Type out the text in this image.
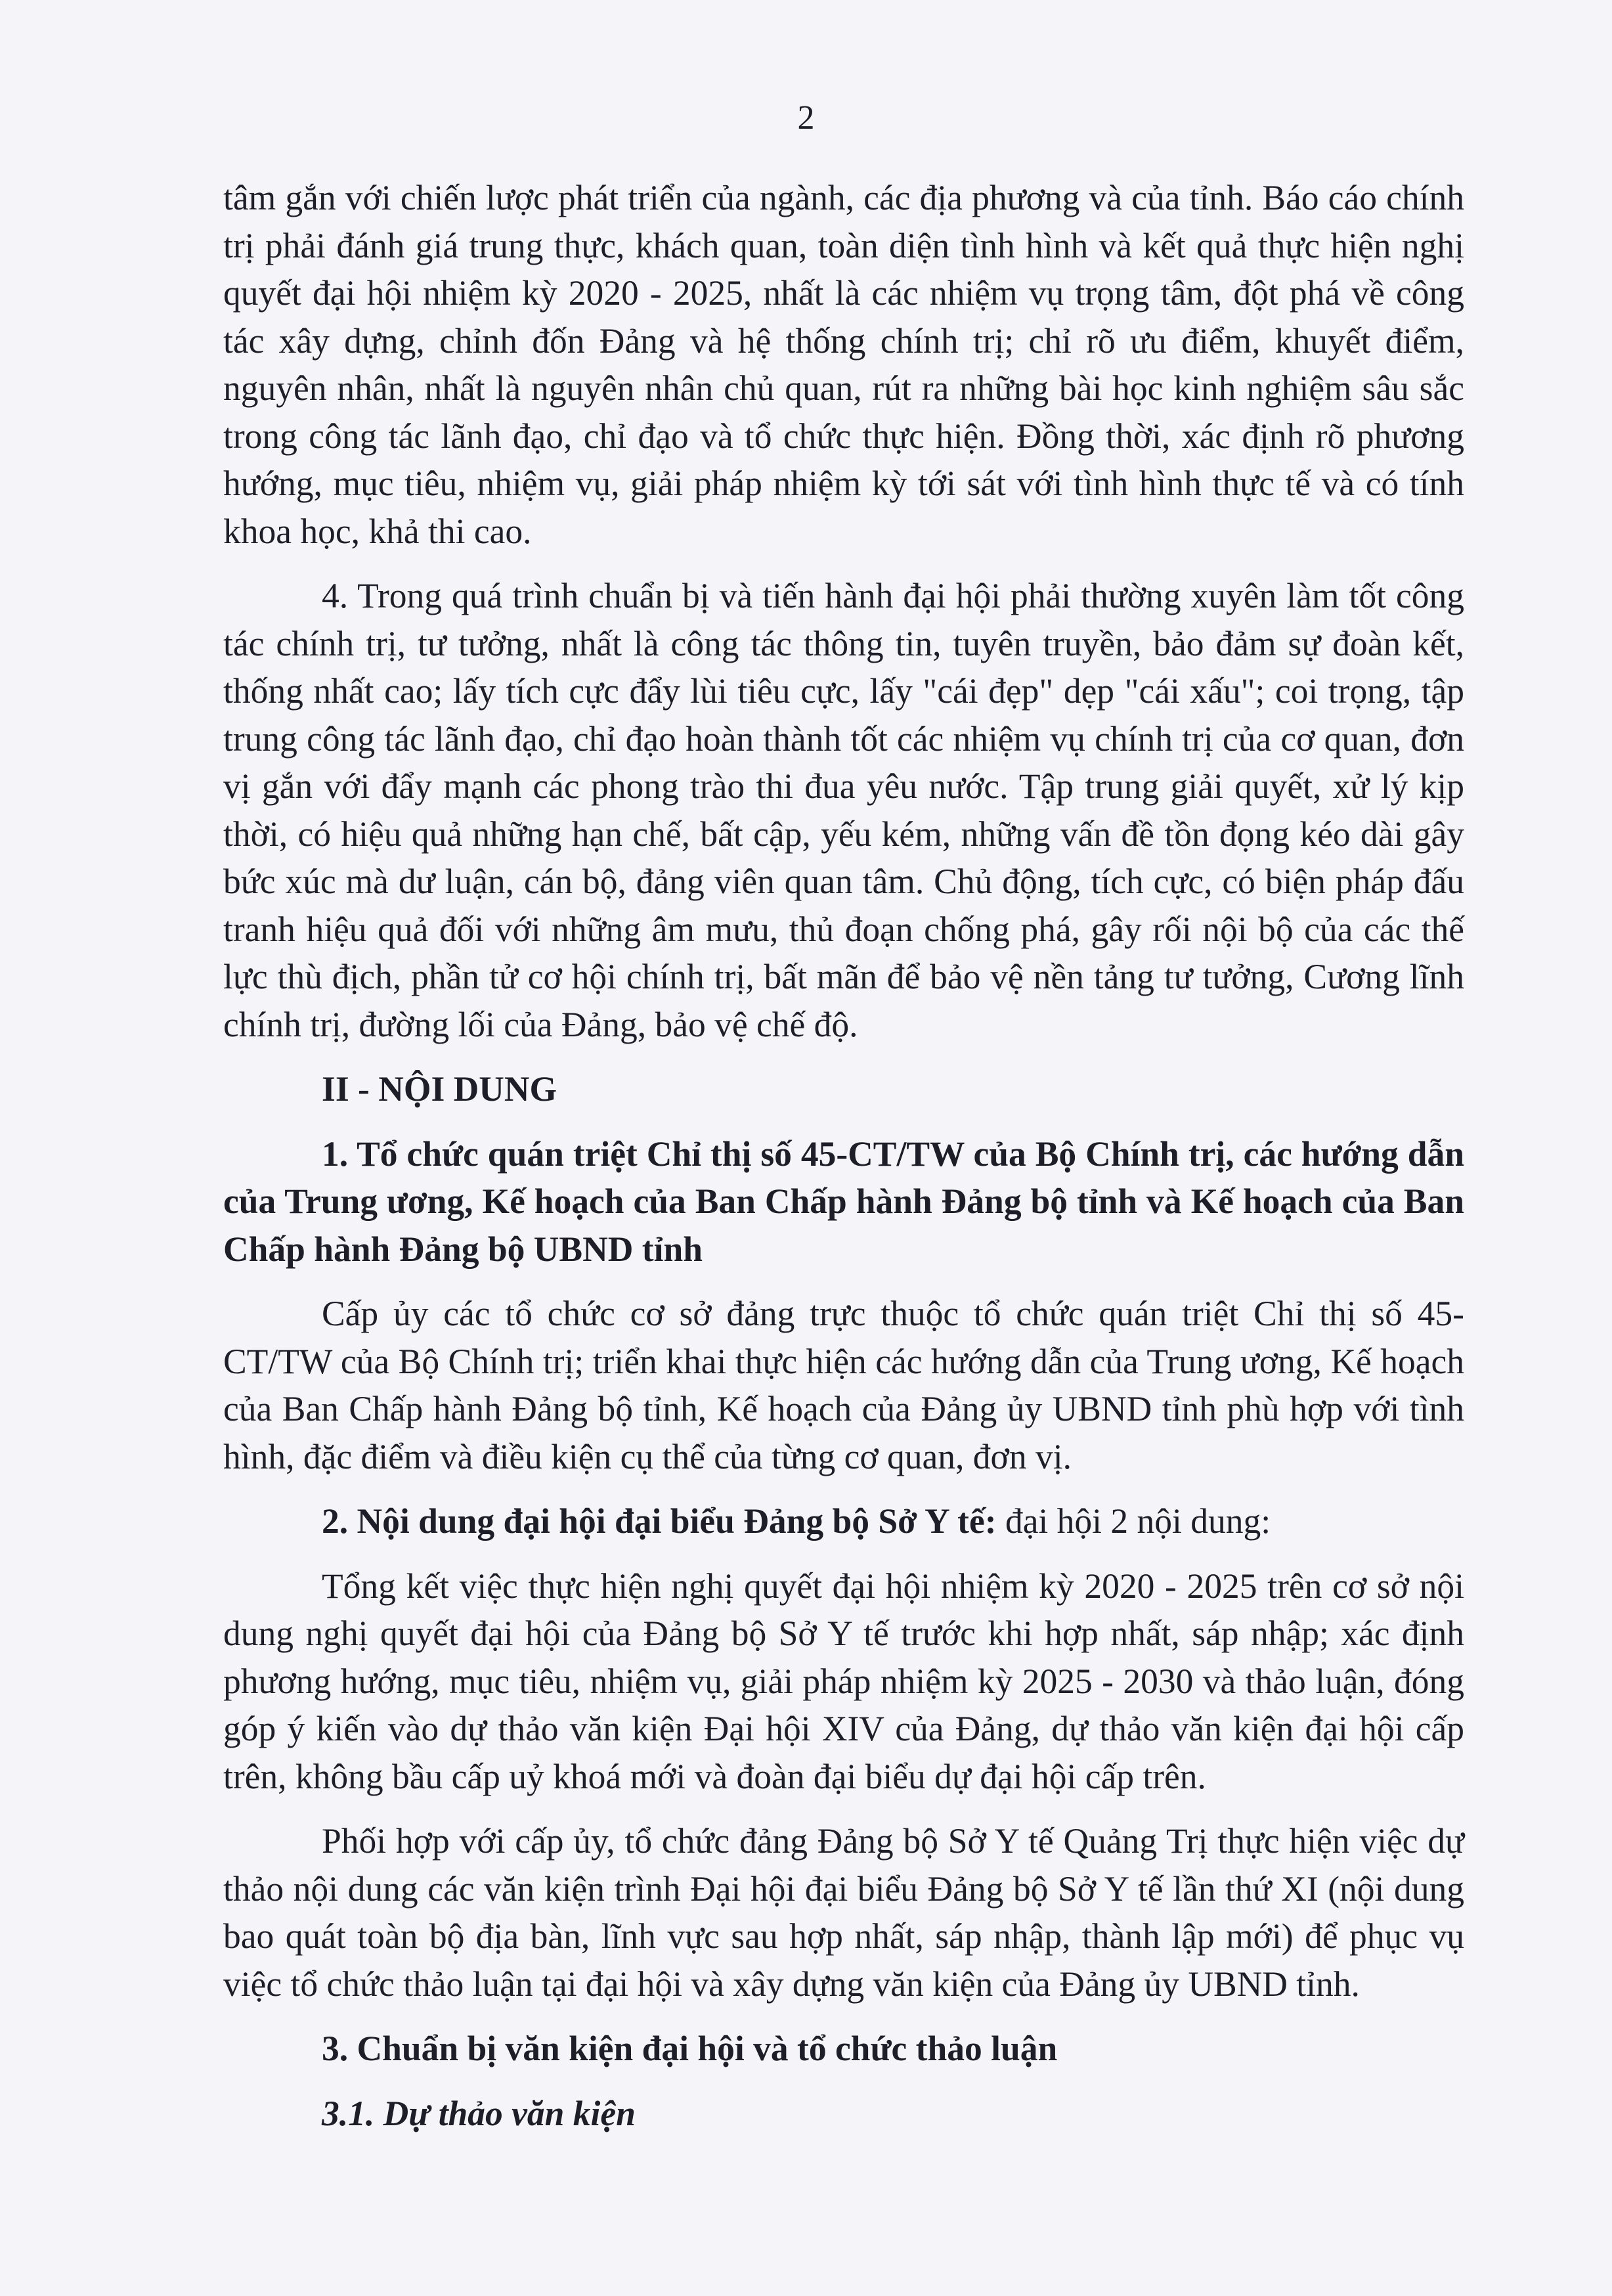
2

tâm gắn với chiến lược phát triển của ngành, các địa phương và của tỉnh. Báo cáo chính trị phải đánh giá trung thực, khách quan, toàn diện tình hình và kết quả thực hiện nghị quyết đại hội nhiệm kỳ 2020 - 2025, nhất là các nhiệm vụ trọng tâm, đột phá về công tác xây dựng, chỉnh đốn Đảng và hệ thống chính trị; chỉ rõ ưu điểm, khuyết điểm, nguyên nhân, nhất là nguyên nhân chủ quan, rút ra những bài học kinh nghiệm sâu sắc trong công tác lãnh đạo, chỉ đạo và tổ chức thực hiện. Đồng thời, xác định rõ phương hướng, mục tiêu, nhiệm vụ, giải pháp nhiệm kỳ tới sát với tình hình thực tế và có tính khoa học, khả thi cao.

4. Trong quá trình chuẩn bị và tiến hành đại hội phải thường xuyên làm tốt công tác chính trị, tư tưởng, nhất là công tác thông tin, tuyên truyền, bảo đảm sự đoàn kết, thống nhất cao; lấy tích cực đẩy lùi tiêu cực, lấy "cái đẹp" dẹp "cái xấu"; coi trọng, tập trung công tác lãnh đạo, chỉ đạo hoàn thành tốt các nhiệm vụ chính trị của cơ quan, đơn vị gắn với đẩy mạnh các phong trào thi đua yêu nước. Tập trung giải quyết, xử lý kịp thời, có hiệu quả những hạn chế, bất cập, yếu kém, những vấn đề tồn đọng kéo dài gây bức xúc mà dư luận, cán bộ, đảng viên quan tâm. Chủ động, tích cực, có biện pháp đấu tranh hiệu quả đối với những âm mưu, thủ đoạn chống phá, gây rối nội bộ của các thế lực thù địch, phần tử cơ hội chính trị, bất mãn để bảo vệ nền tảng tư tưởng, Cương lĩnh chính trị, đường lối của Đảng, bảo vệ chế độ.

II - NỘI DUNG

1. Tổ chức quán triệt Chỉ thị số 45-CT/TW của Bộ Chính trị, các hướng dẫn của Trung ương, Kế hoạch của Ban Chấp hành Đảng bộ tỉnh và Kế hoạch của Ban Chấp hành Đảng bộ UBND tỉnh

Cấp ủy các tổ chức cơ sở đảng trực thuộc tổ chức quán triệt Chỉ thị số 45-CT/TW của Bộ Chính trị; triển khai thực hiện các hướng dẫn của Trung ương, Kế hoạch của Ban Chấp hành Đảng bộ tỉnh, Kế hoạch của Đảng ủy UBND tỉnh phù hợp với tình hình, đặc điểm và điều kiện cụ thể của từng cơ quan, đơn vị.

2. Nội dung đại hội đại biểu Đảng bộ Sở Y tế: đại hội 2 nội dung:

Tổng kết việc thực hiện nghị quyết đại hội nhiệm kỳ 2020 - 2025 trên cơ sở nội dung nghị quyết đại hội của Đảng bộ Sở Y tế trước khi hợp nhất, sáp nhập; xác định phương hướng, mục tiêu, nhiệm vụ, giải pháp nhiệm kỳ 2025 - 2030 và thảo luận, đóng góp ý kiến vào dự thảo văn kiện Đại hội XIV của Đảng, dự thảo văn kiện đại hội cấp trên, không bầu cấp uỷ khoá mới và đoàn đại biểu dự đại hội cấp trên.

Phối hợp với cấp ủy, tổ chức đảng Đảng bộ Sở Y tế Quảng Trị thực hiện việc dự thảo nội dung các văn kiện trình Đại hội đại biểu Đảng bộ Sở Y tế lần thứ XI (nội dung bao quát toàn bộ địa bàn, lĩnh vực sau hợp nhất, sáp nhập, thành lập mới) để phục vụ việc tổ chức thảo luận tại đại hội và xây dựng văn kiện của Đảng ủy UBND tỉnh.

3. Chuẩn bị văn kiện đại hội và tổ chức thảo luận

3.1. Dự thảo văn kiện
